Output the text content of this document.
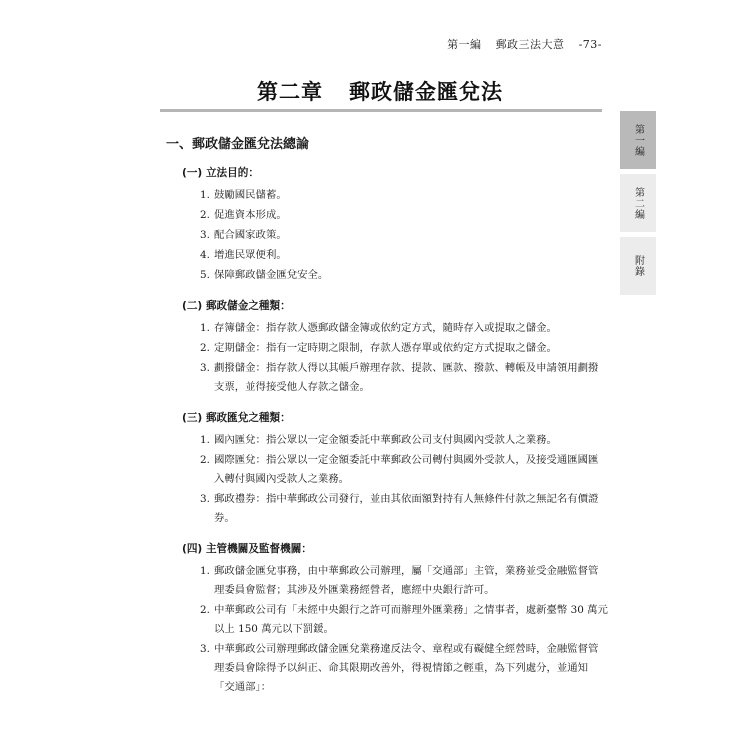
第一編 郵政三法大意 -73-
第二章 郵政儲金匯兌法
第一編
第二編
附錄
一、郵政儲金匯兌法總論
(一) 立法目的：
1. 鼓勵國民儲蓄。
2. 促進資本形成。
3. 配合國家政策。
4. 增進民眾便利。
5. 保障郵政儲金匯兌安全。
(二) 郵政儲金之種類：
1. 存簿儲金：指存款人憑郵政儲金簿或依約定方式，隨時存入或提取之儲金。
2. 定期儲金：指有一定時期之限制，存款人憑存單或依約定方式提取之儲金。
3. 劃撥儲金：指存款人得以其帳戶辦理存款、提款、匯款、撥款、轉帳及申請領用劃撥支票，並得接受他人存款之儲金。
(三) 郵政匯兌之種類：
1. 國內匯兌：指公眾以一定金額委託中華郵政公司支付與國內受款人之業務。
2. 國際匯兌：指公眾以一定金額委託中華郵政公司轉付與國外受款人，及接受通匯國匯入轉付與國內受款人之業務。
3. 郵政禮券：指中華郵政公司發行，並由其依面額對持有人無條件付款之無記名有價證券。
(四) 主管機關及監督機關：
1. 郵政儲金匯兌事務，由中華郵政公司辦理，屬「交通部」主管，業務並受金融監督管理委員會監督；其涉及外匯業務經營者，應經中央銀行許可。
2. 中華郵政公司有「未經中央銀行之許可而辦理外匯業務」之情事者，處新臺幣 30 萬元以上 150 萬元以下罰鍰。
3. 中華郵政公司辦理郵政儲金匯兌業務違反法令、章程或有礙健全經營時，金融監督管理委員會除得予以糾正、命其限期改善外，得視情節之輕重，為下列處分，並通知「交通部」：
